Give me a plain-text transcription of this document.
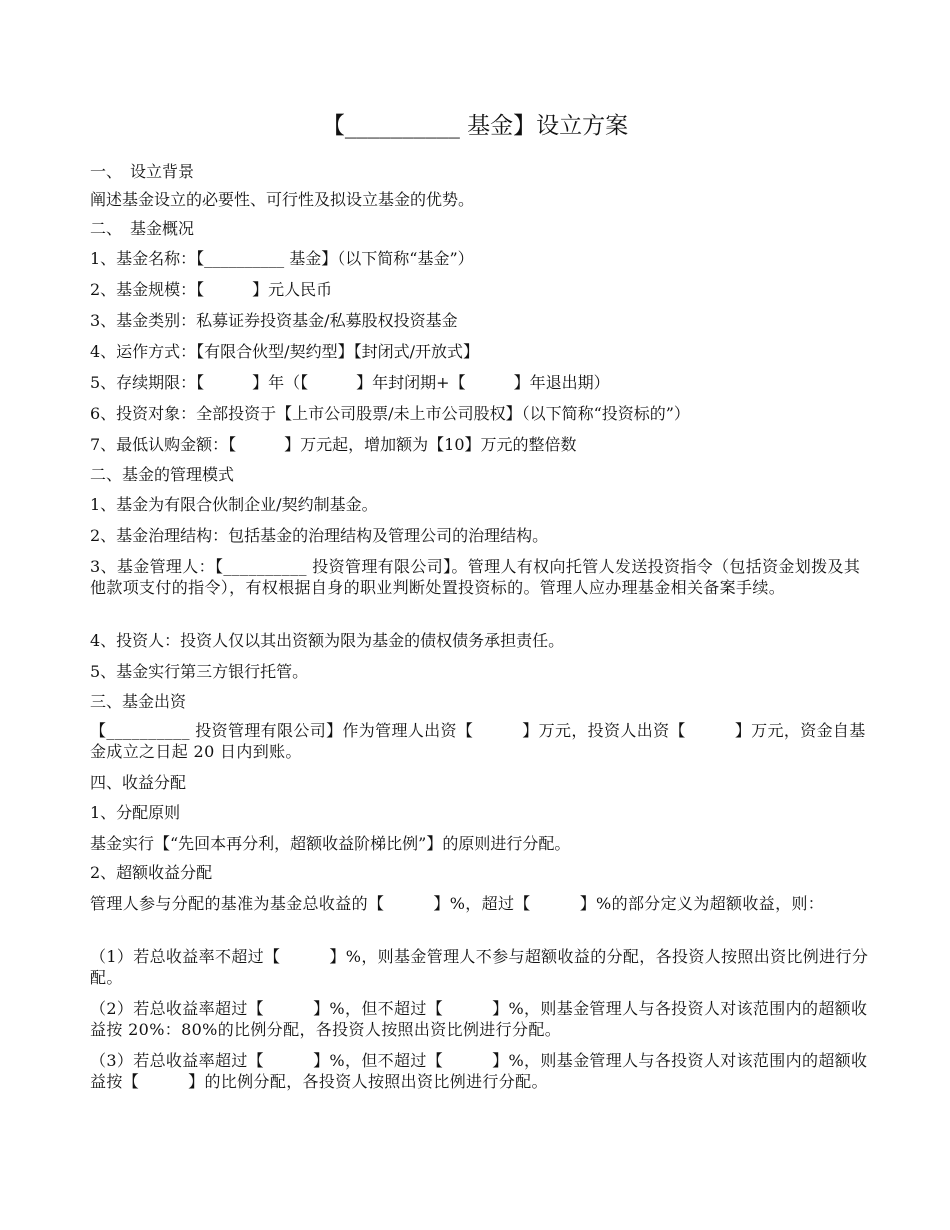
【__________ 基金】设立方案
一、　设立背景
阐述基金设立的必要性、可行性及拟设立基金的优势。
二、　基金概况
1、基金名称：【__________ 基金】（以下简称“基金”）
2、基金规模：【　　　】元人民币
3、基金类别：私募证券投资基金/私募股权投资基金
4、运作方式：【有限合伙型/契约型】【封闭式/开放式】
5、存续期限：【　　　】年（【　　　】年封闭期+【　　　】年退出期）
6、投资对象：全部投资于【上市公司股票/未上市公司股权】（以下简称“投资标的”）
7、最低认购金额：【　　　】万元起，增加额为【10】万元的整倍数
二、基金的管理模式
1、基金为有限合伙制企业/契约制基金。
2、基金治理结构：包括基金的治理结构及管理公司的治理结构。
3、基金管理人：【__________ 投资管理有限公司】。管理人有权向托管人发送投资指令（包括资金划拨及其他款项支付的指令），有权根据自身的职业判断处置投资标的。管理人应办理基金相关备案手续。
4、投资人：投资人仅以其出资额为限为基金的债权债务承担责任。
5、基金实行第三方银行托管。
三、基金出资
【__________ 投资管理有限公司】作为管理人出资【　　　】万元，投资人出资【　　　】万元，资金自基金成立之日起 20 日内到账。
四、收益分配
1、分配原则
基金实行【“先回本再分利，超额收益阶梯比例”】的原则进行分配。
2、超额收益分配
管理人参与分配的基准为基金总收益的【　　　】%，超过【　　　】%的部分定义为超额收益，则：
（1）若总收益率不超过【　　　】%，则基金管理人不参与超额收益的分配，各投资人按照出资比例进行分配。
（2）若总收益率超过【　　　】%，但不超过【　　　】%，则基金管理人与各投资人对该范围内的超额收益按 20%：80%的比例分配，各投资人按照出资比例进行分配。
（3）若总收益率超过【　　　】%，但不超过【　　　】%，则基金管理人与各投资人对该范围内的超额收益按【　　　】的比例分配，各投资人按照出资比例进行分配。
